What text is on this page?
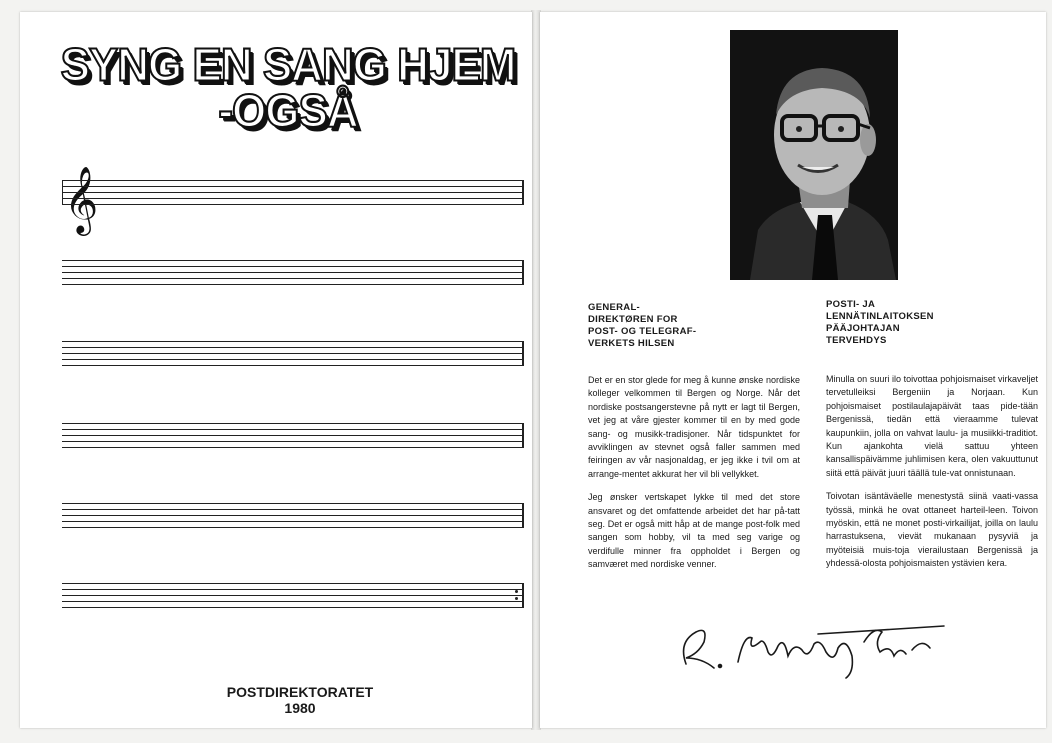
SYNG EN SANG HJEM
-OGSÅ
POSTDIREKTORATET
1980
GENERAL-
DIREKTØREN FOR
POST- OG TELEGRAF-
VERKETS HILSEN
POSTI- JA
LENNÄTINLAITOKSEN
PÄÄJOHTAJAN
TERVEHDYS

Det er en stor glede for meg å kunne ønske nordiske kolleger velkommen til Bergen og Norge. Når det nordiske postsangerstevne på nytt er lagt til Bergen, vet jeg at våre gjester kommer til en by med gode sang- og musikk-tradisjoner. Når tidspunktet for avviklingen av stevnet også faller sammen med feiringen av vår nasjonaldag, er jeg ikke i tvil om at arrange-mentet akkurat her vil bli vellykket.

Jeg ønsker vertskapet lykke til med det store ansvaret og det omfattende arbeidet det har på-tatt seg. Det er også mitt håp at de mange post-folk med sangen som hobby, vil ta med seg varige og verdifulle minner fra oppholdet i Bergen og samværet med nordiske venner.

Minulla on suuri ilo toivottaa pohjoismaiset virkaveljet tervetulleiksi Bergeniin ja Norjaan. Kun pohjoismaiset postilaulajapäivät taas pide-tään Bergenissä, tiedän että vieraamme tulevat kaupunkiin, jolla on vahvat laulu- ja musiikki-traditiot. Kun ajankohta vielä sattuu yhteen kansallispäivämme juhlimisen kera, olen vakuuttunut siitä että päivät juuri täällä tule-vat onnistunaan.

Toivotan isäntäväelle menestystä siinä vaati-vassa työssä, minkä he ovat ottaneet harteil-leen. Toivon myöskin, että ne monet posti-virkailijat, joilla on laulu harrastuksena, vievät mukanaan pysyviä ja myöteisiä muis-toja vierailustaan Bergenissä ja yhdessä-olosta pohjoismaisten ystävien kera.
